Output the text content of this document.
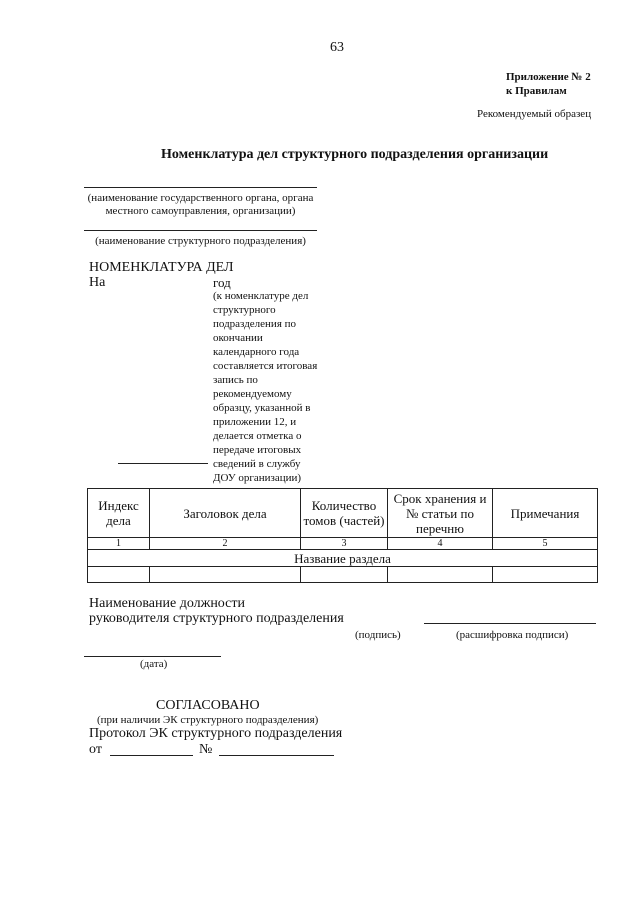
63
Приложение № 2
к Правилам
Рекомендуемый образец
Номенклатура дел структурного подразделения организации
(наименование государственного органа, органа
местного самоуправления, организации)
(наименование структурного подразделения)
НОМЕНКЛАТУРА ДЕЛ
На	год
(к номенклатуре дел структурного подразделения по окончании календарного года составляется итоговая запись по рекомендуемому образцу, указанной в приложении 12, и делается отметка о передаче итоговых сведений в службу ДОУ организации)
Индекс дела	Заголовок дела	Количество томов (частей)	Срок хранения и № статьи по перечню	Примечания
1	2	3	4	5
Название раздела				

Наименование должности
руководителя структурного подразделения
(подпись)	(расшифровка подписи)
(дата)
СОГЛАСОВАНО
(при наличии ЭК структурного подразделения)
Протокол ЭК структурного подразделения
от	№
